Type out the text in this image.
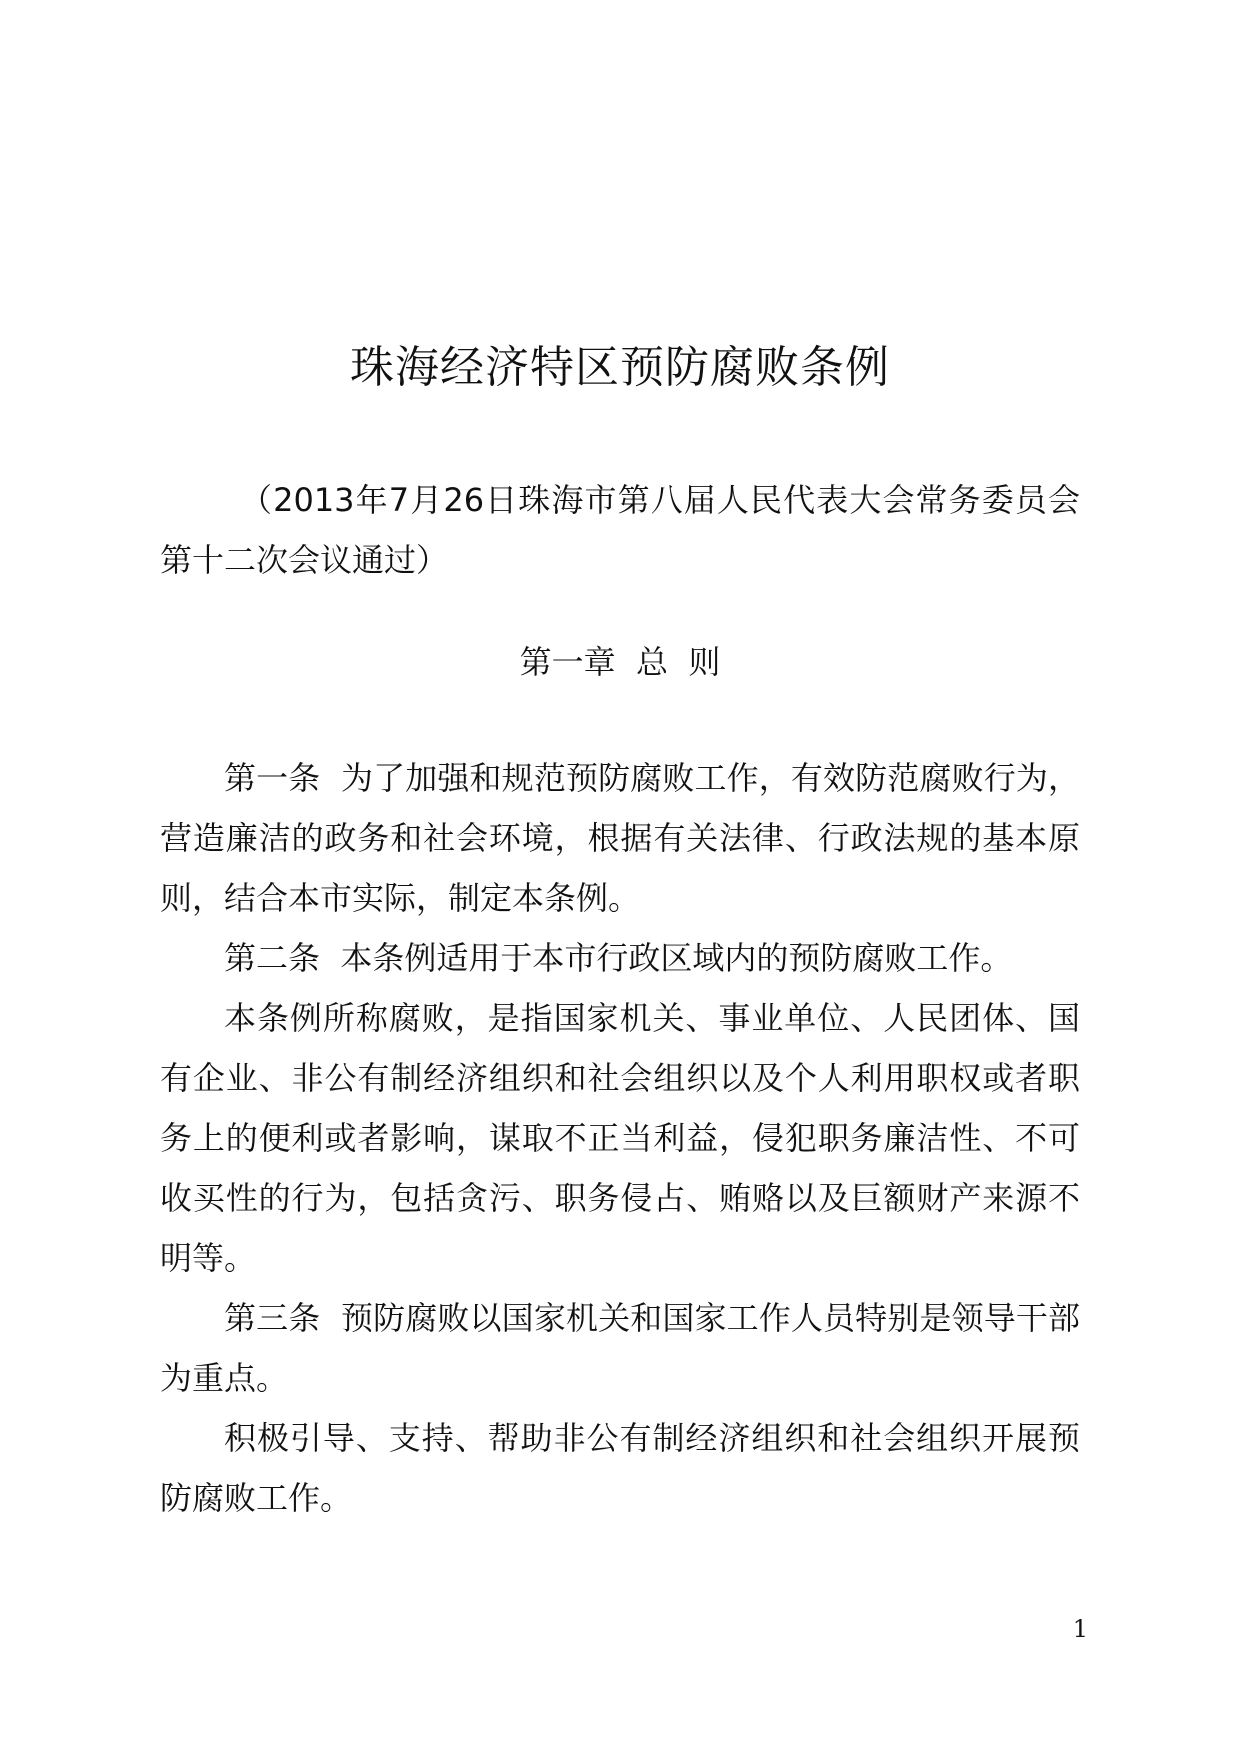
珠海经济特区预防腐败条例

（2013年7月26日珠海市第八届人民代表大会常务委员会第十二次会议通过）

第一章  总  则

第一条  为了加强和规范预防腐败工作，有效防范腐败行为，营造廉洁的政务和社会环境，根据有关法律、行政法规的基本原则，结合本市实际，制定本条例。

第二条  本条例适用于本市行政区域内的预防腐败工作。

本条例所称腐败，是指国家机关、事业单位、人民团体、国有企业、非公有制经济组织和社会组织以及个人利用职权或者职务上的便利或者影响，谋取不正当利益，侵犯职务廉洁性、不可收买性的行为，包括贪污、职务侵占、贿赂以及巨额财产来源不明等。

第三条  预防腐败以国家机关和国家工作人员特别是领导干部为重点。

积极引导、支持、帮助非公有制经济组织和社会组织开展预防腐败工作。

1
